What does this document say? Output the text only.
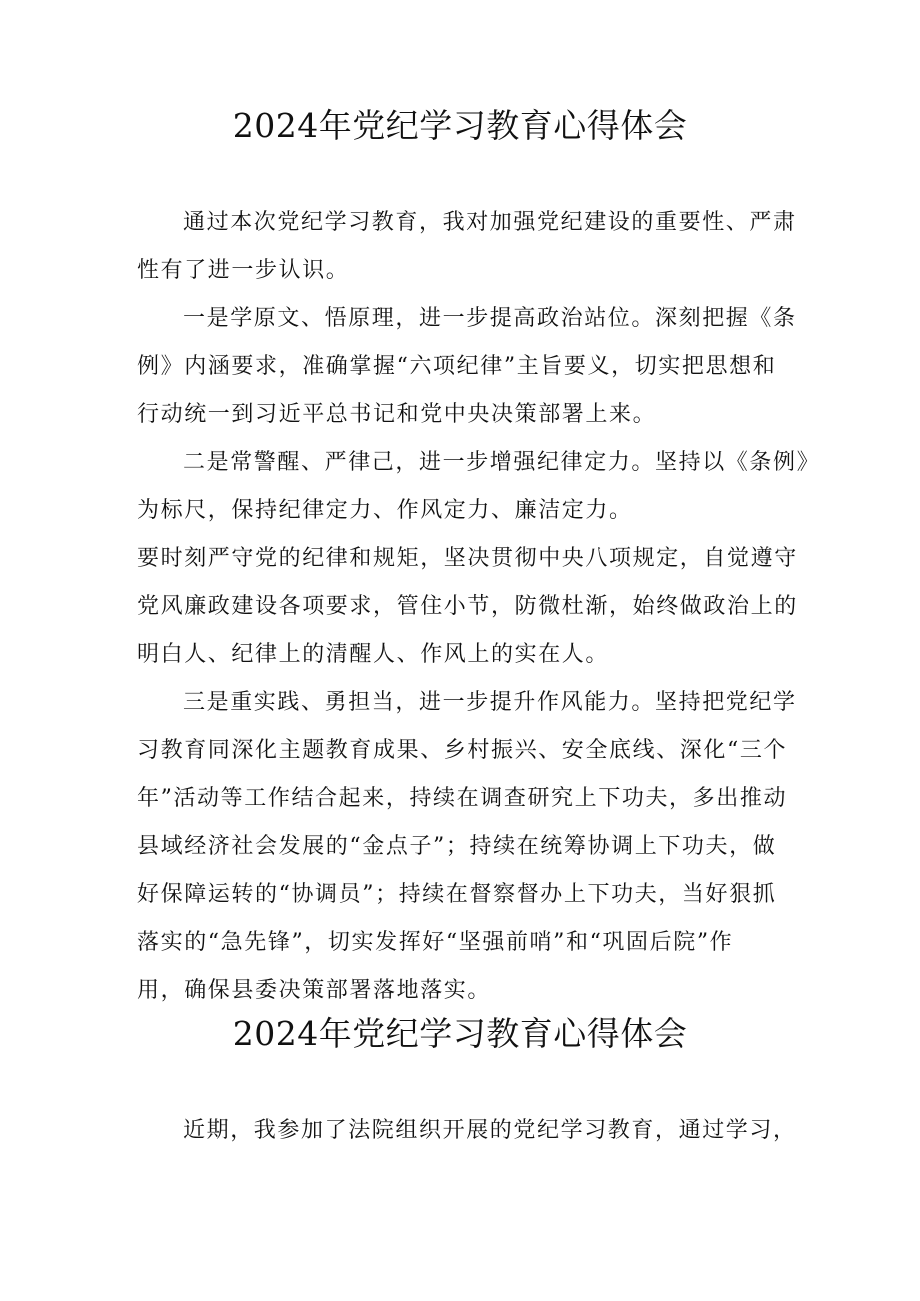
2024年党纪学习教育心得体会
通过本次党纪学习教育，我对加强党纪建设的重要性、严肃
性有了进一步认识。
一是学原文、悟原理，进一步提高政治站位。深刻把握《条
例》内涵要求，准确掌握“六项纪律”主旨要义，切实把思想和
行动统一到习近平总书记和党中央决策部署上来。
二是常警醒、严律己，进一步增强纪律定力。坚持以《条例》
为标尺，保持纪律定力、作风定力、廉洁定力。
要时刻严守党的纪律和规矩，坚决贯彻中央八项规定，自觉遵守
党风廉政建设各项要求，管住小节，防微杜渐，始终做政治上的
明白人、纪律上的清醒人、作风上的实在人。
三是重实践、勇担当，进一步提升作风能力。坚持把党纪学
习教育同深化主题教育成果、乡村振兴、安全底线、深化“三个
年”活动等工作结合起来，持续在调查研究上下功夫，多出推动
县域经济社会发展的“金点子”；持续在统筹协调上下功夫，做
好保障运转的“协调员”；持续在督察督办上下功夫，当好狠抓
落实的“急先锋”，切实发挥好“坚强前哨”和“巩固后院”作
用，确保县委决策部署落地落实。
2024年党纪学习教育心得体会
近期，我参加了法院组织开展的党纪学习教育，通过学习，
